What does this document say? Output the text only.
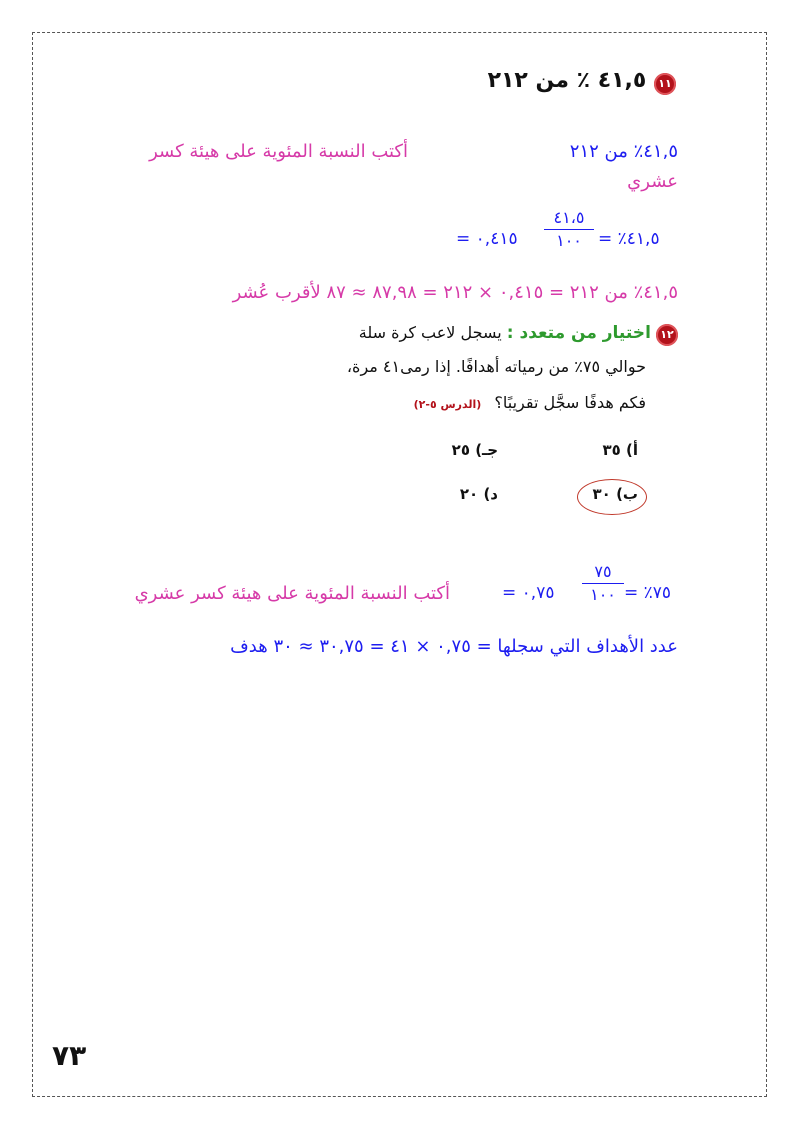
١١ ٤١,٥ ٪ من ٢١٢
٤١,٥٪ من ٢١٢
أكتب النسبة المئوية على هيئة كسر
عشري
= ٠,٤١٥
٤١،٥
١٠٠ ٤١,٥٪ =
٤١,٥٪ من ٢١٢ = ٠,٤١٥ × ٢١٢ = ٨٧,٩٨ ≈ ٨٧ لأقرب عُشر
١٢ اختيار من متعدد : يسجل لاعب كرة سلة
حوالي ٧٥٪ من رمياته أهدافًا. إذا رمى٤١ مرة،
فكم هدفًا سجَّل تقريبًا؟ (الدرس ٥-٢)
أ) ٣٥
جـ) ٢٥
ب) ٣٠
د) ٢٠
أكتب النسبة المئوية على هيئة كسر عشري	= ٠,٧٥
٧٥
١٠٠ ٧٥٪ =
عدد الأهداف التي سجلها = ٠,٧٥ × ٤١ = ٣٠,٧٥ ≈ ٣٠ هدف
٧٣
